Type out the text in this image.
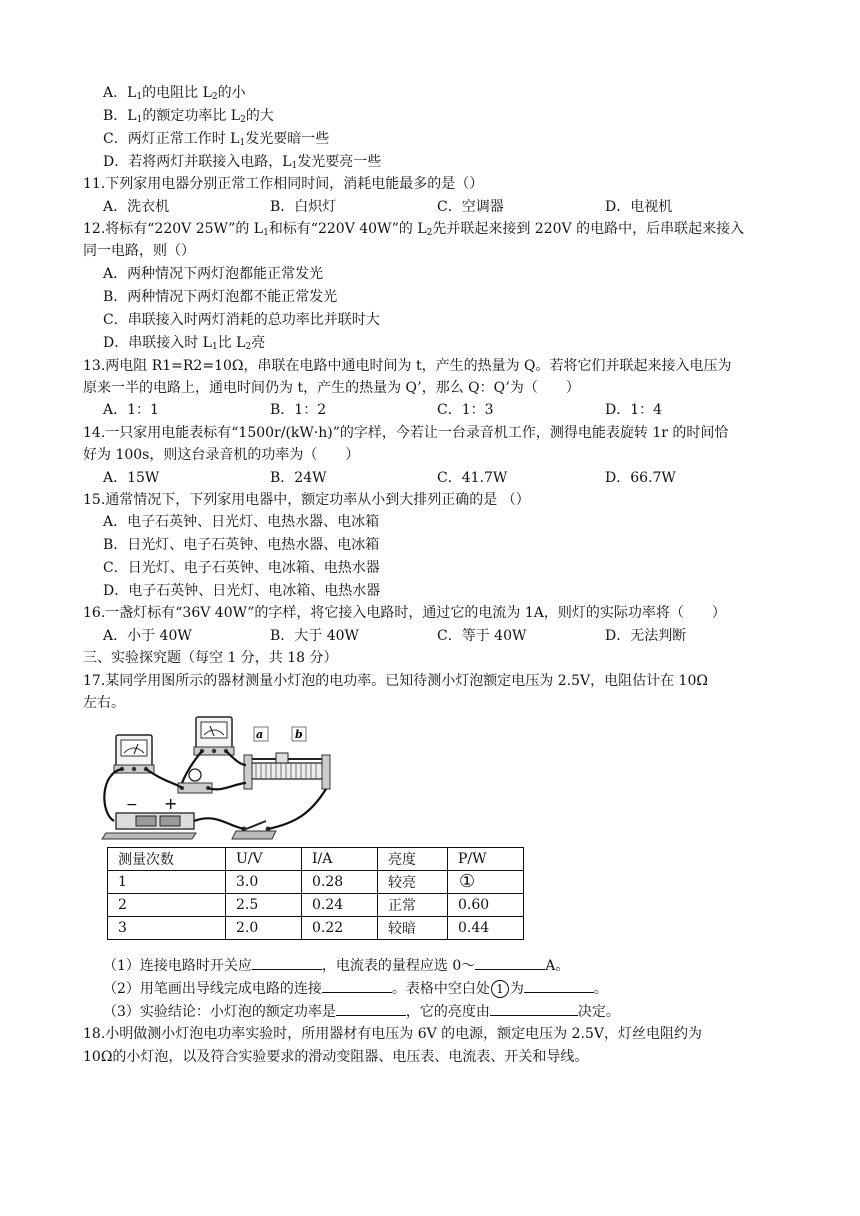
A．$L_1$的电阻比 $L_2$的小
B．$L_1$的额定功率比 $L_2$的大
C．两灯正常工作时 $L_1$发光要暗一些
D．若将两灯并联接入电路，$L_1$发光要亮一些
11.下列家用电器分别正常工作相同时间，消耗电能最多的是（）
A．洗衣机	B．白炽灯	C．空调器	D．电视机
12.将标有“220V 25W”的 $L_1$和标有“220V 40W”的 $L_2$先并联起来接到 220V 的电路中，后串联起来接入
同一电路，则（）
A．两种情况下两灯泡都能正常发光
B．两种情况下两灯泡都不能正常发光
C．串联接入时两灯消耗的总功率比并联时大
D．串联接入时 $L_1$比 $L_2$亮
13.两电阻 R1=R2=10Ω，串联在电路中通电时间为 t，产生的热量为 Q。若将它们并联起来接入电压为
原来一半的电路上，通电时间仍为 t，产生的热量为 Q’，那么 Q：Q’为（　　）
A．1：1	B．1：2	C．1：3	D．1：4
14.一只家用电能表标有“1500r/(kW·h)”的字样，今若让一台录音机工作，测得电能表旋转 1r 的时间恰
好为 100s，则这台录音机的功率为（　　）
A．15W	B．24W	C．41.7W	D．66.7W
15.通常情况下，下列家用电器中，额定功率从小到大排列正确的是 （）
A．电子石英钟、日光灯、电热水器、电冰箱
B．日光灯、电子石英钟、电热水器、电冰箱
C．日光灯、电子石英钟、电冰箱、电热水器
D．电子石英钟、日光灯、电冰箱、电热水器
16.一盏灯标有“36V 40W”的字样，将它接入电路时，通过它的电流为 1A，则灯的实际功率将（　　）
A．小于 40W	B．大于 40W	C．等于 40W	D．无法判断
三、实验探究题（每空 1 分，共 18 分）
17.某同学用图所示的器材测量小灯泡的电功率。已知待测小灯泡额定电压为 2.5V，电阻估计在 10Ω
左右。
a	b
− +
测量次数	U/V	I/A	亮度	P/W
1	3.0	0.28	较亮	①
2	2.5	0.24	正常	0.60
3	2.0	0.22	较暗	0.44
（1）连接电路时开关应	，电流表的量程应选 0～	A。
（2）用笔画出导线完成电路的连接	。表格中空白处 1 为	。
（3）实验结论：小灯泡的额定功率是	，它的亮度由	决定。
18.小明做测小灯泡电功率实验时，所用器材有电压为 6V 的电源，额定电压为 2.5V，灯丝电阻约为
10Ω的小灯泡，以及符合实验要求的滑动变阻器、电压表、电流表、开关和导线。
